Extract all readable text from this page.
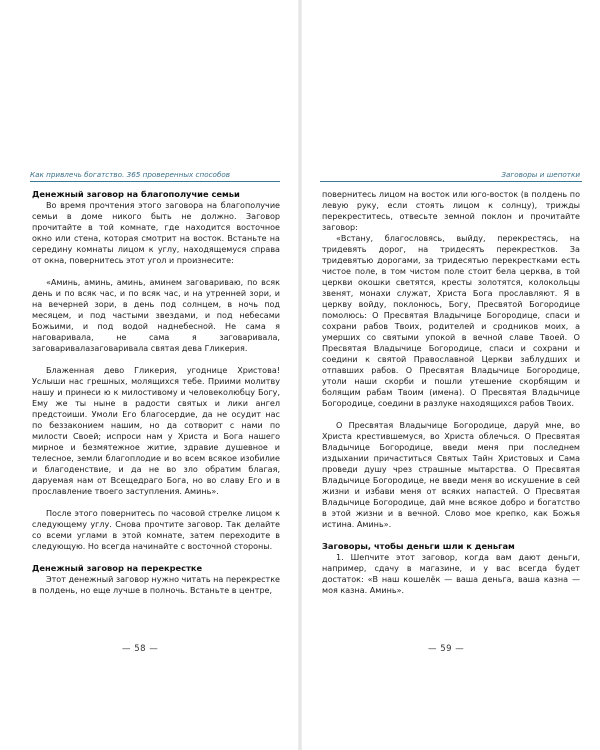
Как привлечь богатство. 365 проверенных способов

Денежный заговор на благополучие семьи

Во время прочтения этого заговора на благополучие семьи в доме никого быть не должно. Заговор прочитайте в той комнате, где находится восточное окно или стена, которая смотрит на восток. Встаньте на середину комнаты лицом к углу, находящемуся справа от окна, повернитесь этот угол и произнесите:

«Аминь, аминь, аминь, аминем заговариваю, по всяк день и по всяк час, и по всяк час, и на утренней зори, и на вечерней зори, в день под солнцем, в ночь под месяцем, и под частыми звездами, и под небесами Божьими, и под водой наднебесной. Не сама я наговаривала, не сама я заговаривала, заговаривалазаговаривала святая дева Гликерия.

Блаженная дево Гликерия, угоднице Христова! Услыши нас грешных, молящихся тебе. Приими молитву нашу и принеси ю к милостивому и человеколюбцу Богу, Ему же ты ныне в радости святых и лики ангел предстоиши. Умоли Его благосердие, да не осудит нас по беззаконием нашим, но да сотворит с нами по милости Своей; испроси нам у Христа и Бога нашего мирное и безмятежное житие, здравие душевное и телесное, земли благоплодие и во всем всякое изобилие и благоденствие, и да не во зло обратим благая, даруемая нам от Всещедраго Бога, но во славу Его и в прославление твоего заступления. Аминь».

После этого повернитесь по часовой стрелке лицом к следующему углу. Снова прочтите заговор. Так делайте со всеми углами в этой комнате, затем переходите в следующую. Но всегда начинайте с восточной стороны.

Денежный заговор на перекрестке

Этот денежный заговор нужно читать на перекрестке в полдень, но еще лучше в полночь. Встаньте в центре,

— 58 —
Заговоры и шепотки

повернитесь лицом на восток или юго-восток (в полдень по левую руку, если стоять лицом к солнцу), трижды перекреститесь, отвесьте земной поклон и прочитайте заговор:

«Встану, благословясь, выйду, перекрестясь, на тридевять дорог, на тридесять перекрестков. За тридевятью дорогами, за тридесятью перекрестками есть чистое поле, в том чистом поле стоит бела церква, в той церкви окошки светятся, кресты золотятся, колокольцы звенят, монахи служат, Христа Бога прославляют. Я в церкву войду, поклонюсь, Богу, Пресвятой Богородице помолюсь: О Пресвятая Владычице Богородице, спаси и сохрани рабов Твоих, родителей и сродников моих, а умерших со святыми упокой в вечной славе Твоей. О Пресвятая Владычице Богородице, спаси и сохрани и соедини к святой Православной Церкви заблудших и отпавших рабов. О Пресвятая Владычице Богородице, утоли наши скорби и пошли утешение скорбящим и болящим рабам Твоим (имена). О Пресвятая Владычице Богородице, соедини в разлуке находящихся рабов Твоих.

О Пресвятая Владычице Богородице, даруй мне, во Христа крестившемуся, во Христа облечься. О Пресвятая Владычице Богородице, введи меня при последнем издыхании причаститься Святых Тайн Христовых и Сама проведи душу чрез страшные мытарства. О Пресвятая Владычице Богородице, не введи меня во искушение в сей жизни и избави меня от всяких напастей. О Пресвятая Владычице Богородице, дай мне всякое добро и богатство в этой жизни и в вечной. Слово мое крепко, как Божья истина. Аминь».

Заговоры, чтобы деньги шли к деньгам

1. Шепчите этот заговор, когда вам дают деньги, например, сдачу в магазине, и у вас всегда будет достаток: «В наш кошелёк — ваша деньга, ваша казна — моя казна. Аминь».

— 59 —
